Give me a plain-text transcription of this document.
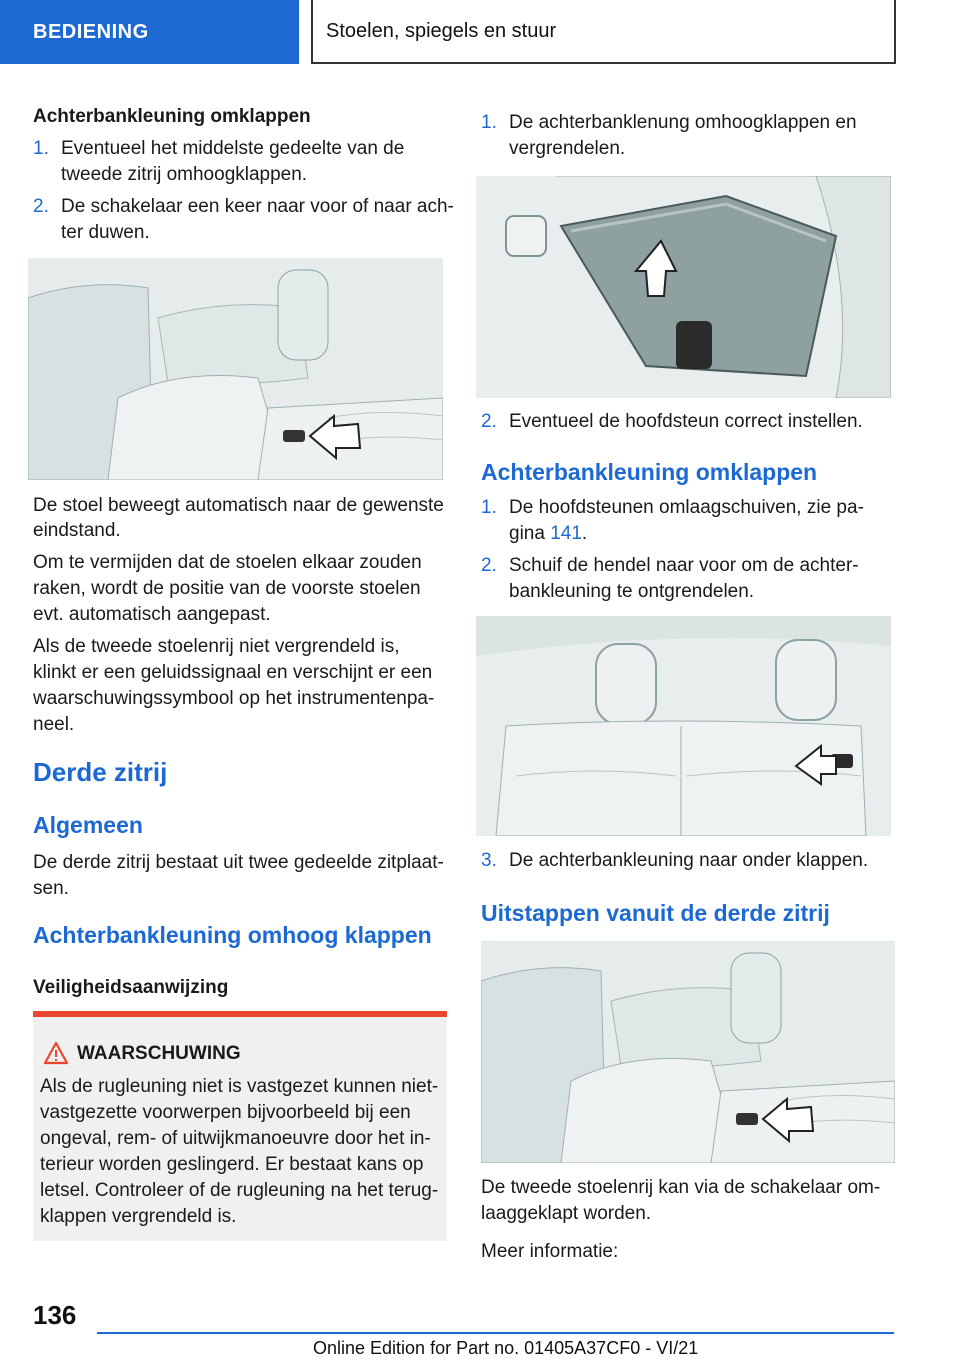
BEDIENING	Stoelen, spiegels en stuur
Achterbankleuning omklappen
1. Eventueel het middelste gedeelte van de
tweede zitrij omhoogklappen.
2. De schakelaar een keer naar voor of naar ach-
ter duwen.
De stoel beweegt automatisch naar de gewenste
eindstand.
Om te vermijden dat de stoelen elkaar zouden
raken, wordt de positie van de voorste stoelen
evt. automatisch aangepast.
Als de tweede stoelenrij niet vergrendeld is,
klinkt er een geluidssignaal en verschijnt er een
waarschuwingssymbool op het instrumentenpa-
neel.
Derde zitrij
Algemeen
De derde zitrij bestaat uit twee gedeelde zitplaat-
sen.
Achterbankleuning omhoog klappen
Veiligheidsaanwijzing
WAARSCHUWING
Als de rugleuning niet is vastgezet kunnen niet-
vastgezette voorwerpen bijvoorbeeld bij een
ongeval, rem- of uitwijkmanoeuvre door het in-
terieur worden geslingerd. Er bestaat kans op
letsel. Controleer of de rugleuning na het terug-
klappen vergrendeld is.
1. De achterbanklenung omhoogklappen en
vergrendelen.
2. Eventueel de hoofdsteun correct instellen.
Achterbankleuning omklappen
1. De hoofdsteunen omlaagschuiven, zie pa-
gina 141.
2. Schuif de hendel naar voor om de achter-
bankleuning te ontgrendelen.
3. De achterbankleuning naar onder klappen.
Uitstappen vanuit de derde zitrij
De tweede stoelenrij kan via de schakelaar om-
laaggeklapt worden.
Meer informatie:
136
Online Edition for Part no. 01405A37CF0 - VI/21
